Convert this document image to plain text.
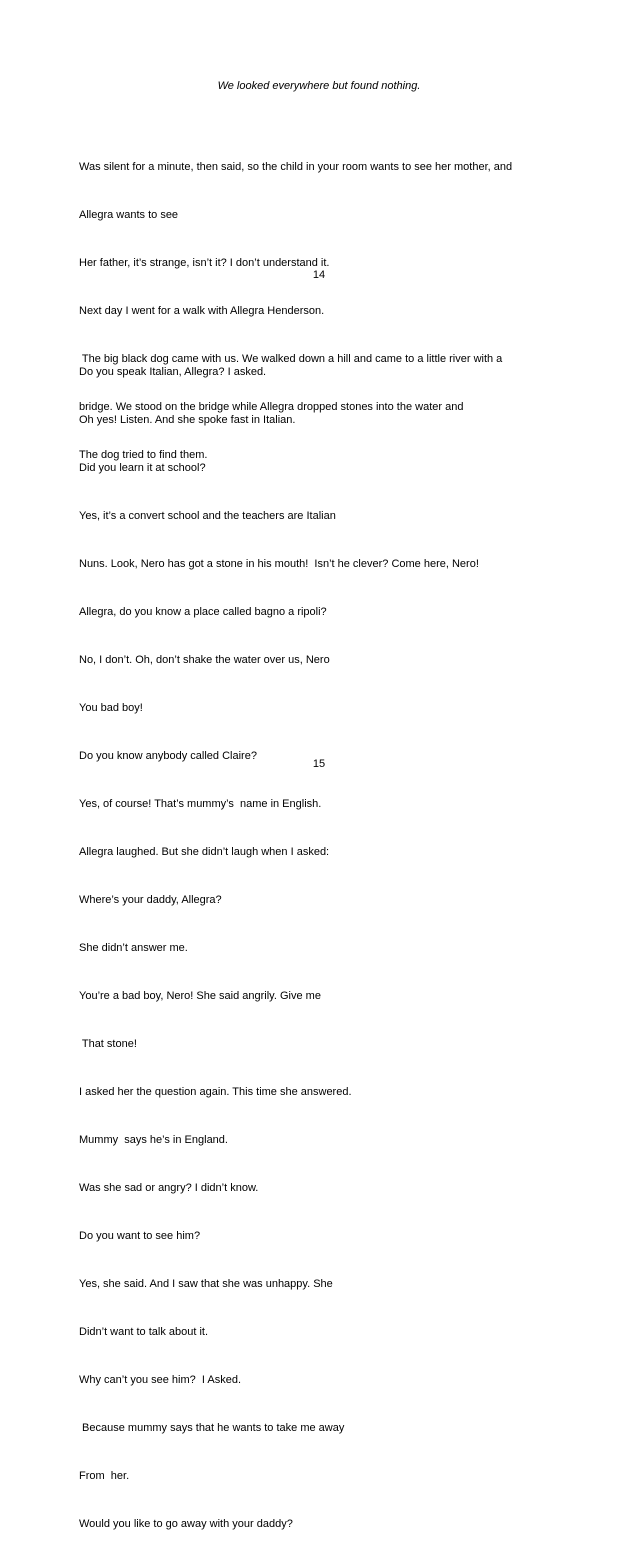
We looked everywhere but found nothing.

Was silent for a minute, then said, so the child in your room wants to see her mother, and

Allegra wants to see

Her father, it’s strange, isn’t it? I don’t understand it.

Next day I went for a walk with Allegra Henderson.

The big black dog came with us. We walked down a hill and came to a little river with a

bridge. We stood on the bridge while Allegra dropped stones into the water and

The dog tried to find them.

14

Do you speak Italian, Allegra? I asked.

Oh yes! Listen. And she spoke fast in Italian.

Did you learn it at school?

Yes, it’s a convert school and the teachers are Italian

Nuns. Look, Nero has got a stone in his mouth!  Isn’t he clever? Come here, Nero!

Allegra, do you know a place called bagno a ripoli?

No, I don’t. Oh, don’t shake the water over us, Nero

You bad boy!

Do you know anybody called Claire?

Yes, of course! That’s mummy’s  name in English.

Allegra laughed. But she didn’t laugh when I asked:

Where’s your daddy, Allegra?

She didn’t answer me.

You’re a bad boy, Nero! She said angrily. Give me

That stone!

I asked her the question again. This time she answered.

Mummy  says he’s in England.

Was she sad or angry? I didn’t know.

Do you want to see him?

Yes, she said. And I saw that she was unhappy. She

Didn’t want to talk about it.

Why can’t you see him?  I Asked.

Because mummy says that he wants to take me away

From  her.

Would you like to go away with your daddy?

15
